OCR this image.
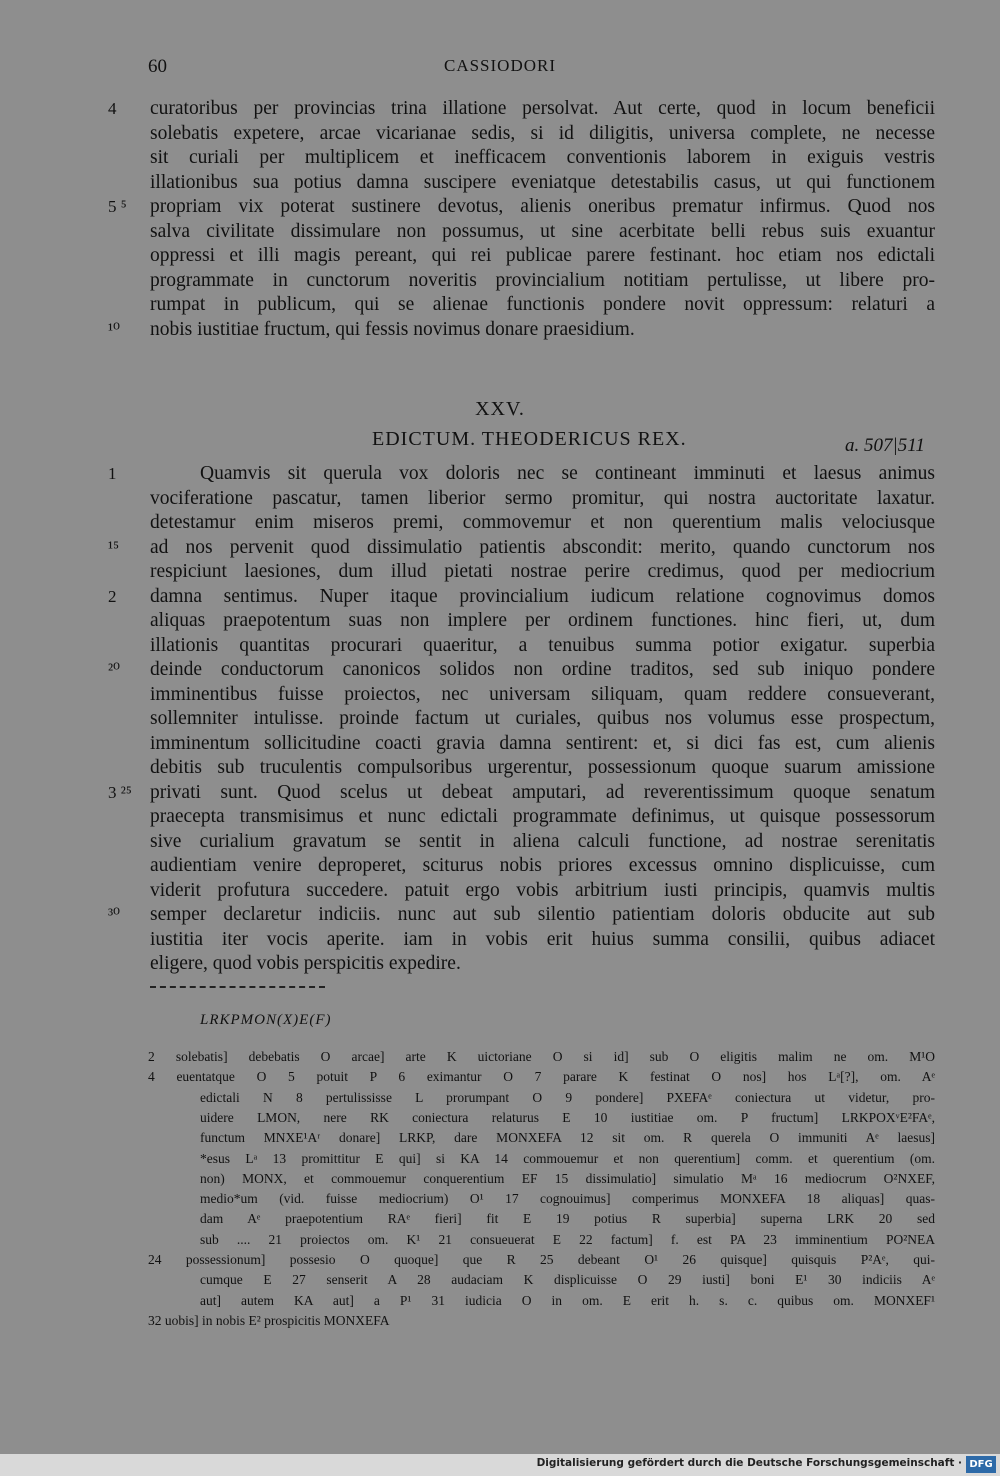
60	CASSIODORI
4	curatoribus per provincias trina illatione persolvat. Aut certe, quod in locum beneficii
solebatis expetere, arcae vicarianae sedis, si id diligitis, universa complete, ne necesse
sit curiali per multiplicem et inefficacem conventionis laborem in exiguis vestris
illationibus sua potius damna suscipere eveniatque detestabilis casus, ut qui functionem
5 ⁵	propriam vix poterat sustinere devotus, alienis oneribus prematur infirmus. Quod nos
salva civilitate dissimulare non possumus, ut sine acerbitate belli rebus suis exuantur
oppressi et illi magis pereant, qui rei publicae parere festinant. hoc etiam nos edictali
programmate in cunctorum noveritis provincialium notitiam pertulisse, ut libere pro-
rumpat in publicum, qui se alienae functionis pondere novit oppressum: relaturi a
¹⁰	nobis iustitiae fructum, qui fessis novimus donare praesidium.
XXV.
EDICTUM. THEODERICUS REX.	a. 507|511
1	Quamvis sit querula vox doloris nec se contineant imminuti et laesus animus
vociferatione pascatur, tamen liberior sermo promitur, qui nostra auctoritate laxatur.
detestamur enim miseros premi, commovemur et non querentium malis velociusque
¹⁵	ad nos pervenit quod dissimulatio patientis abscondit: merito, quando cunctorum nos
respiciunt laesiones, dum illud pietati nostrae perire credimus, quod per mediocrium
2	damna sentimus. Nuper itaque provincialium iudicum relatione cognovimus domos
aliquas praepotentum suas non implere per ordinem functiones. hinc fieri, ut, dum
illationis quantitas procurari quaeritur, a tenuibus summa potior exigatur. superbia
²⁰	deinde conductorum canonicos solidos non ordine traditos, sed sub iniquo pondere
imminentibus fuisse proiectos, nec universam siliquam, quam reddere consueverant,
sollemniter intulisse. proinde factum ut curiales, quibus nos volumus esse prospectum,
imminentum sollicitudine coacti gravia damna sentirent: et, si dici fas est, cum alienis
debitis sub truculentis compulsoribus urgerentur, possessionum quoque suarum amissione
3 ²⁵ privati sunt. Quod scelus ut debeat amputari, ad reverentissimum quoque senatum
praecepta transmisimus et nunc edictali programmate definimus, ut quisque possessorum
sive curialium gravatum se sentit in aliena calculi functione, ad nostrae serenitatis
audientiam venire deproperet, sciturus nobis priores excessus omnino displicuisse, cum
viderit profutura succedere. patuit ergo vobis arbitrium iusti principis, quamvis multis
³⁰	semper declaretur indiciis. nunc aut sub silentio patientiam doloris obducite aut sub
iustitia iter vocis aperite. iam in vobis erit huius summa consilii, quibus adiacet
eligere, quod vobis perspicitis expedire.
LRKPMON(X)E(F)
2 solebatis] debebatis O arcae] arte K uictoriane O si id] sub O eligitis malim ne om. M¹O
4 euentatque O 5 potuit P 6 eximantur O 7 parare K festinat O nos] hos Lᵃ[?], om. Aᵉ
edictali N 8 pertulississe L prorumpant O 9 pondere] PXEFAᵉ coniectura ut videtur, pro-
uidere LMON, nere RK coniectura relaturus E 10 iustitiae om. P fructum] LRKPOXᵛE²FAᵉ,
functum MNXE¹Aʳ donare] LRKP, dare MONXEFA 12 sit om. R querela O immuniti Aᵉ laesus]
*esus Lᵃ 13 promittitur E qui] si KA 14 commouemur et non querentium] comm. et querentium (om.
non) MONX, et commouemur conquerentium EF 15 dissimulatio] simulatio Mᵃ 16 mediocrum O²NXEF,
medio*um (vid. fuisse mediocrium) O¹ 17 cognouimus] comperimus MONXEFA 18 aliquas] quas-
dam Aᵉ praepotentium RAᵉ fieri] fit E 19 potius R superbia] superna LRK 20 sed
sub .... 21 proiectos om. K¹ 21 consueuerat E 22 factum] f. est PA 23 imminentium PO²NEA
24 possessionum] possesio O quoque] que R 25 debeant O¹ 26 quisque] quisquis P²Aᵉ, qui-
cumque E 27 senserit A 28 audaciam K displicuisse O 29 iusti] boni E¹ 30 indiciis Aᵉ
aut] autem KA aut] a P¹ 31 iudicia O in om. E erit h. s. c. quibus om. MONXEF¹
32 uobis] in nobis E² prospicitis MONXEFA
Digitalisierung gefördert durch die Deutsche Forschungsgemeinschaft · DFG
